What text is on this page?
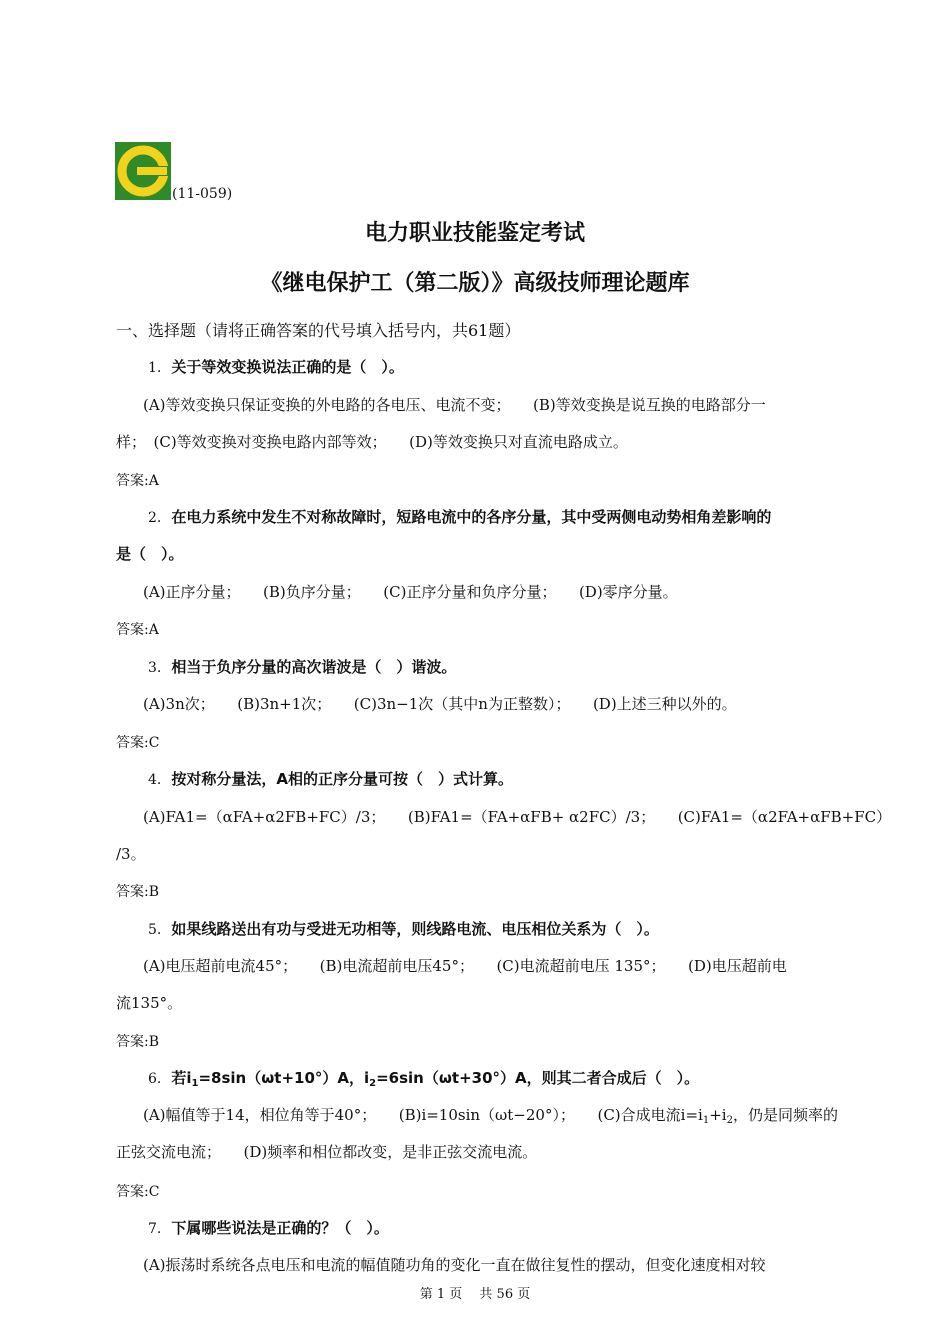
(11-059)
电力职业技能鉴定考试
《继电保护工（第二版）》高级技师理论题库
一、选择题（请将正确答案的代号填入括号内，共61题）
1. 关于等效变换说法正确的是（　）。
(A)等效变换只保证变换的外电路的各电压、电流不变；　　(B)等效变换是说互换的电路部分一
样；　(C)等效变换对变换电路内部等效；　　(D)等效变换只对直流电路成立。
答案:A
2. 在电力系统中发生不对称故障时，短路电流中的各序分量，其中受两侧电动势相角差影响的
是（　）。
(A)正序分量；　　(B)负序分量；　　(C)正序分量和负序分量；　　(D)零序分量。
答案:A
3. 相当于负序分量的高次谐波是（　）谐波。
(A)3n次；　　(B)3n+1次；　　(C)3n−1次（其中n为正整数）；　　(D)上述三种以外的。
答案:C
4. 按对称分量法，A相的正序分量可按（　）式计算。
(A)FA1=（αFA+α2FB+FC）/3；　　(B)FA1=（FA+αFB+ α2FC）/3；　　(C)FA1=（α2FA+αFB+FC）
/3。
答案:B
5. 如果线路送出有功与受进无功相等，则线路电流、电压相位关系为（　）。
(A)电压超前电流45°；　　(B)电流超前电压45°；　　(C)电流超前电压 135°；　　(D)电压超前电
流135°。
答案:B
6. 若$i_1=8\sin(\omega t+10^\circ)A$，$i_2=6\sin(\omega t+30^\circ)A$，则其二者合成后（　）。
(A)幅值等于14，相位角等于40°；　　(B)i=10sin（ωt−20°）；　　(C)合成电流$i=i_1+i_2$，仍是同频率的
正弦交流电流；　　(D)频率和相位都改变，是非正弦交流电流。
答案:C
7. 下属哪些说法是正确的？（　）。
(A)振荡时系统各点电压和电流的幅值随功角的变化一直在做往复性的摆动，但变化速度相对较
第 1 页　 共 56 页
